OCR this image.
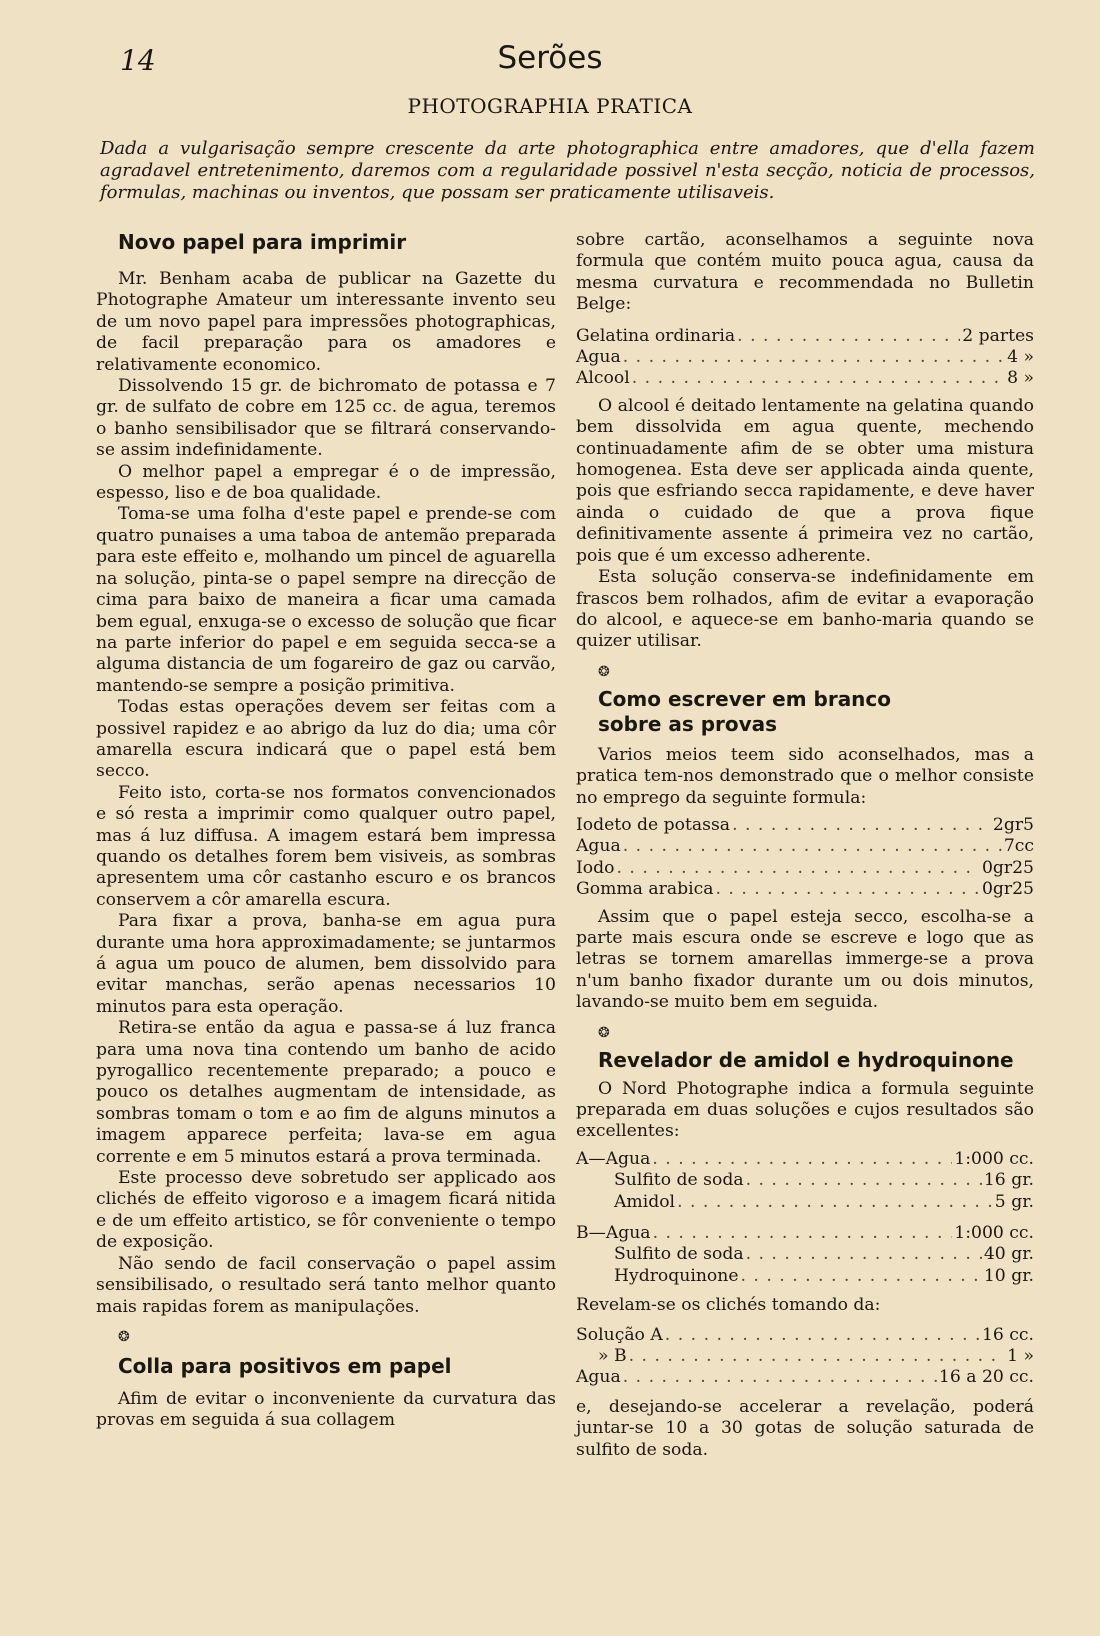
14	Serões
PHOTOGRAPHIA PRATICA

Dada a vulgarisação sempre crescente da arte photographica entre amadores, que d'ella fazem agradavel entretenimento, daremos com a regularidade possivel n'esta secção, noticia de processos, formulas, machinas ou inventos, que possam ser praticamente utilisaveis.

Novo papel para imprimir

Mr. Benham acaba de publicar na Gazette du Photographe Amateur um interessante invento seu de um novo papel para impressões photographicas, de facil preparação para os amadores e relativamente economico.

Dissolvendo 15 gr. de bichromato de potassa e 7 gr. de sulfato de cobre em 125 cc. de agua, teremos o banho sensibilisador que se filtrará conservando-se assim indefinidamente.

O melhor papel a empregar é o de impressão, espesso, liso e de boa qualidade.

Toma-se uma folha d'este papel e prende-se com quatro punaises a uma taboa de antemão preparada para este effeito e, molhando um pincel de aguarella na solução, pinta-se o papel sempre na direcção de cima para baixo de maneira a ficar uma camada bem egual, enxuga-se o excesso de solução que ficar na parte inferior do papel e em seguida secca-se a alguma distancia de um fogareiro de gaz ou carvão, mantendo-se sempre a posição primitiva.

Todas estas operações devem ser feitas com a possivel rapidez e ao abrigo da luz do dia; uma côr amarella escura indicará que o papel está bem secco.

Feito isto, corta-se nos formatos convencionados e só resta a imprimir como qualquer outro papel, mas á luz diffusa. A imagem estará bem impressa quando os detalhes forem bem visiveis, as sombras apresentem uma côr castanho escuro e os brancos conservem a côr amarella escura.

Para fixar a prova, banha-se em agua pura durante uma hora approximadamente; se juntarmos á agua um pouco de alumen, bem dissolvido para evitar manchas, serão apenas necessarios 10 minutos para esta operação.

Retira-se então da agua e passa-se á luz franca para uma nova tina contendo um banho de acido pyrogallico recentemente preparado; a pouco e pouco os detalhes augmentam de intensidade, as sombras tomam o tom e ao fim de alguns minutos a imagem apparece perfeita; lava-se em agua corrente e em 5 minutos estará a prova terminada.

Este processo deve sobretudo ser applicado aos clichés de effeito vigoroso e a imagem ficará nitida e de um effeito artistico, se fôr conveniente o tempo de exposição.

Não sendo de facil conservação o papel assim sensibilisado, o resultado será tanto melhor quanto mais rapidas forem as manipulações.

❂

Colla para positivos em papel

Afim de evitar o inconveniente da curvatura das provas em seguida á sua collagem

sobre cartão, aconselhamos a seguinte nova formula que contém muito pouca agua, causa da mesma curvatura e recommendada no Bulletin Belge:

Gelatina ordinaria . . .	2 partes
Agua . . .	4 »
Alcool . . .	8 »

O alcool é deitado lentamente na gelatina quando bem dissolvida em agua quente, mechendo continuadamente afim de se obter uma mistura homogenea. Esta deve ser applicada ainda quente, pois que esfriando secca rapidamente, e deve haver ainda o cuidado de que a prova fique definitivamente assente á primeira vez no cartão, pois que é um excesso adherente.

Esta solução conserva-se indefinidamente em frascos bem rolhados, afim de evitar a evaporação do alcool, e aquece-se em banho-maria quando se quizer utilisar.

❂

Como escrever em branco

sobre as provas

Varios meios teem sido aconselhados, mas a pratica tem-nos demonstrado que o melhor consiste no emprego da seguinte formula:

Iodeto de potassa . . .	2gr5
Agua . . .	7cc
Iodo . . .	0gr25
Gomma arabica . . .	0gr25

Assim que o papel esteja secco, escolha-se a parte mais escura onde se escreve e logo que as letras se tornem amarellas immerge-se a prova n'um banho fixador durante um ou dois minutos, lavando-se muito bem em seguida.

❂

Revelador de amidol e hydroquinone

O Nord Photographe indica a formula seguinte preparada em duas soluções e cujos resultados são excellentes:

A—Agua . . .	1:000 cc.
Sulfito de soda . . .	16 gr.
Amidol . . .	5 gr.
B—Agua . . .	1:000 cc.
Sulfito de soda . . .	40 gr.
Hydroquinone . . .	10 gr.

Revelam-se os clichés tomando da:

Solução A . . .	16 cc.
» B . . .	1 »
Agua . . .	16 a 20 cc.

e, desejando-se accelerar a revelação, poderá juntar-se 10 a 30 gotas de solução saturada de sulfito de soda.
